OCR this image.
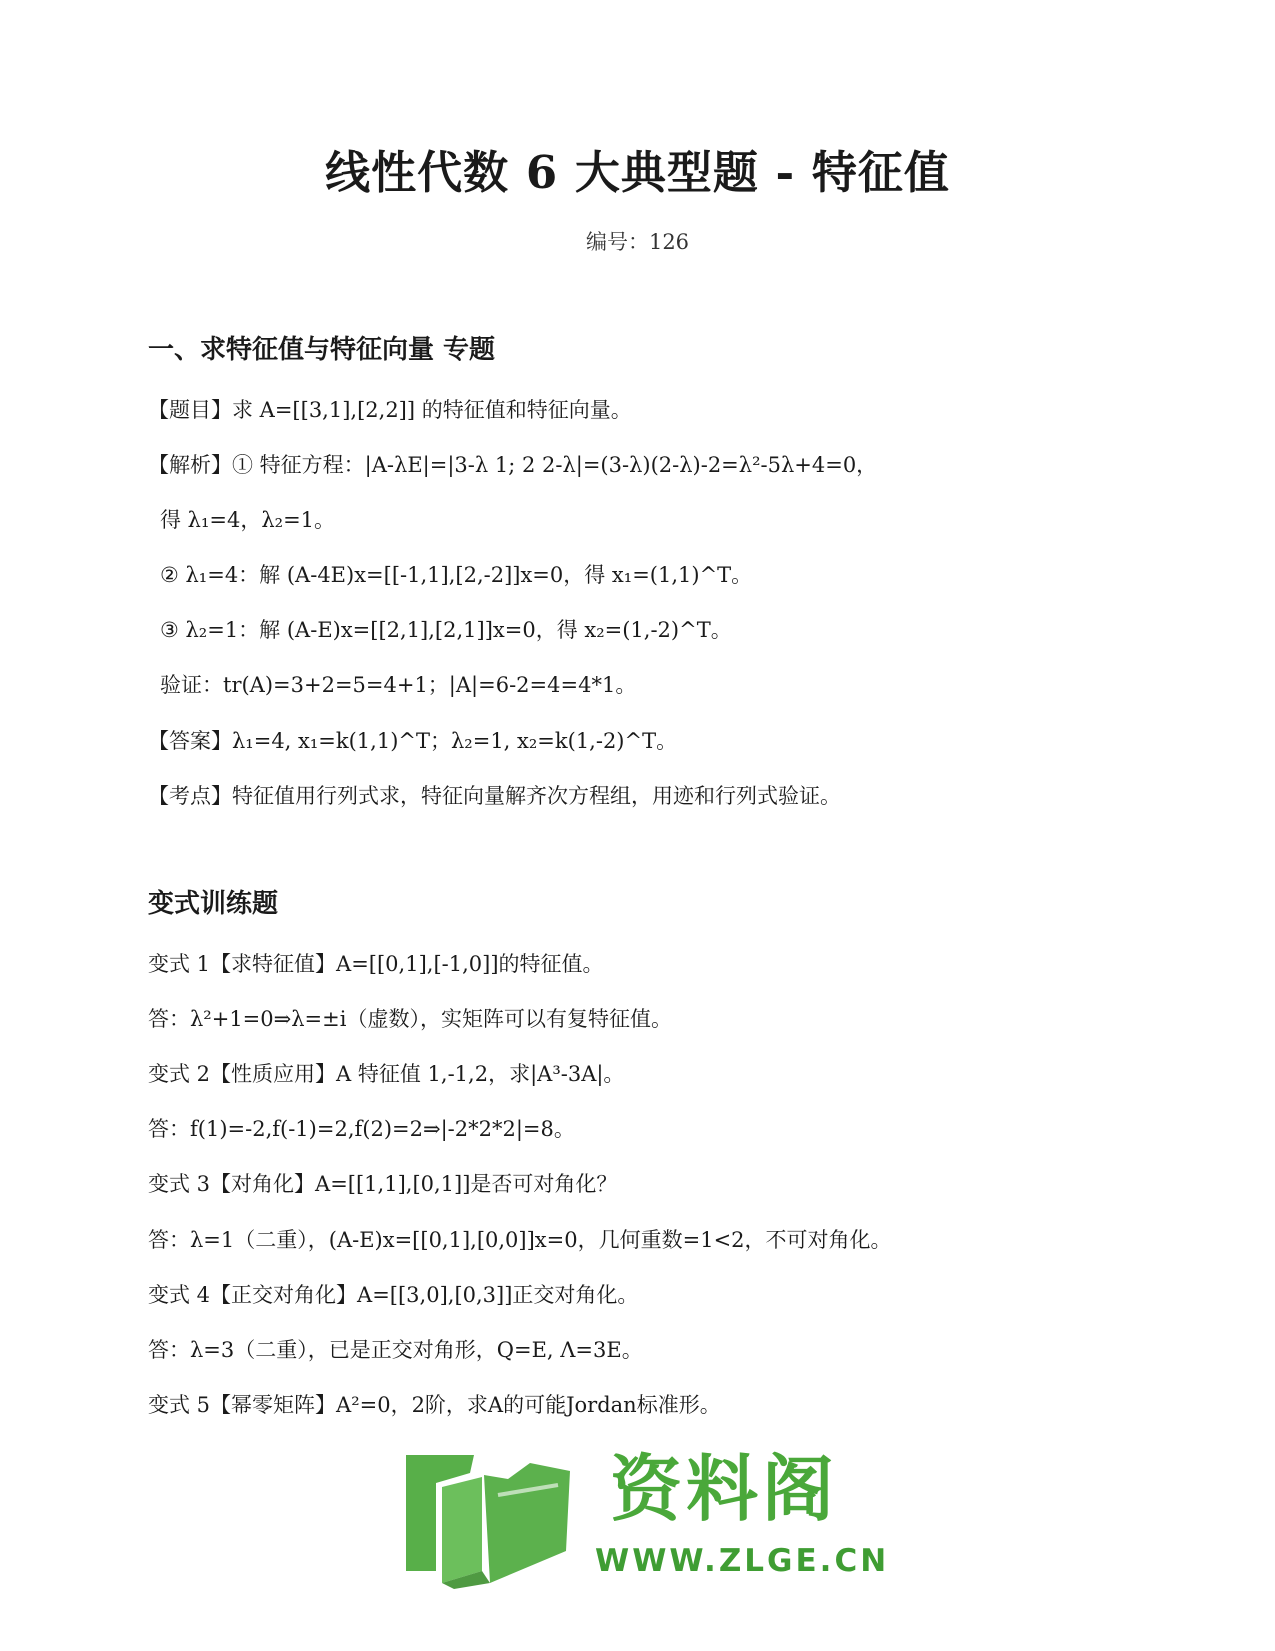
线性代数 6 大典型题 - 特征值
编号：126
一、求特征值与特征向量 专题
【题目】求 A=[[3,1],[2,2]] 的特征值和特征向量。
【解析】① 特征方程：|A-λE|=|3-λ 1; 2 2-λ|=(3-λ)(2-λ)-2=λ²-5λ+4=0，
得 λ₁=4，λ₂=1。
② λ₁=4：解 (A-4E)x=[[-1,1],[2,-2]]x=0，得 x₁=(1,1)^T。
③ λ₂=1：解 (A-E)x=[[2,1],[2,1]]x=0，得 x₂=(1,-2)^T。
验证：tr(A)=3+2=5=4+1；|A|=6-2=4=4*1。
【答案】λ₁=4, x₁=k(1,1)^T；λ₂=1, x₂=k(1,-2)^T。
【考点】特征值用行列式求，特征向量解齐次方程组，用迹和行列式验证。
变式训练题
变式 1【求特征值】A=[[0,1],[-1,0]]的特征值。
答：λ²+1=0⇒λ=±i（虚数），实矩阵可以有复特征值。
变式 2【性质应用】A 特征值 1,-1,2，求|A³-3A|。
答：f(1)=-2,f(-1)=2,f(2)=2⇒|-2*2*2|=8。
变式 3【对角化】A=[[1,1],[0,1]]是否可对角化？
答：λ=1（二重），(A-E)x=[[0,1],[0,0]]x=0，几何重数=1<2，不可对角化。
变式 4【正交对角化】A=[[3,0],[0,3]]正交对角化。
答：λ=3（二重），已是正交对角形，Q=E, Λ=3E。
变式 5【幂零矩阵】A²=0，2阶，求A的可能Jordan标准形。
资料阁
WWW.ZLGE.CN
